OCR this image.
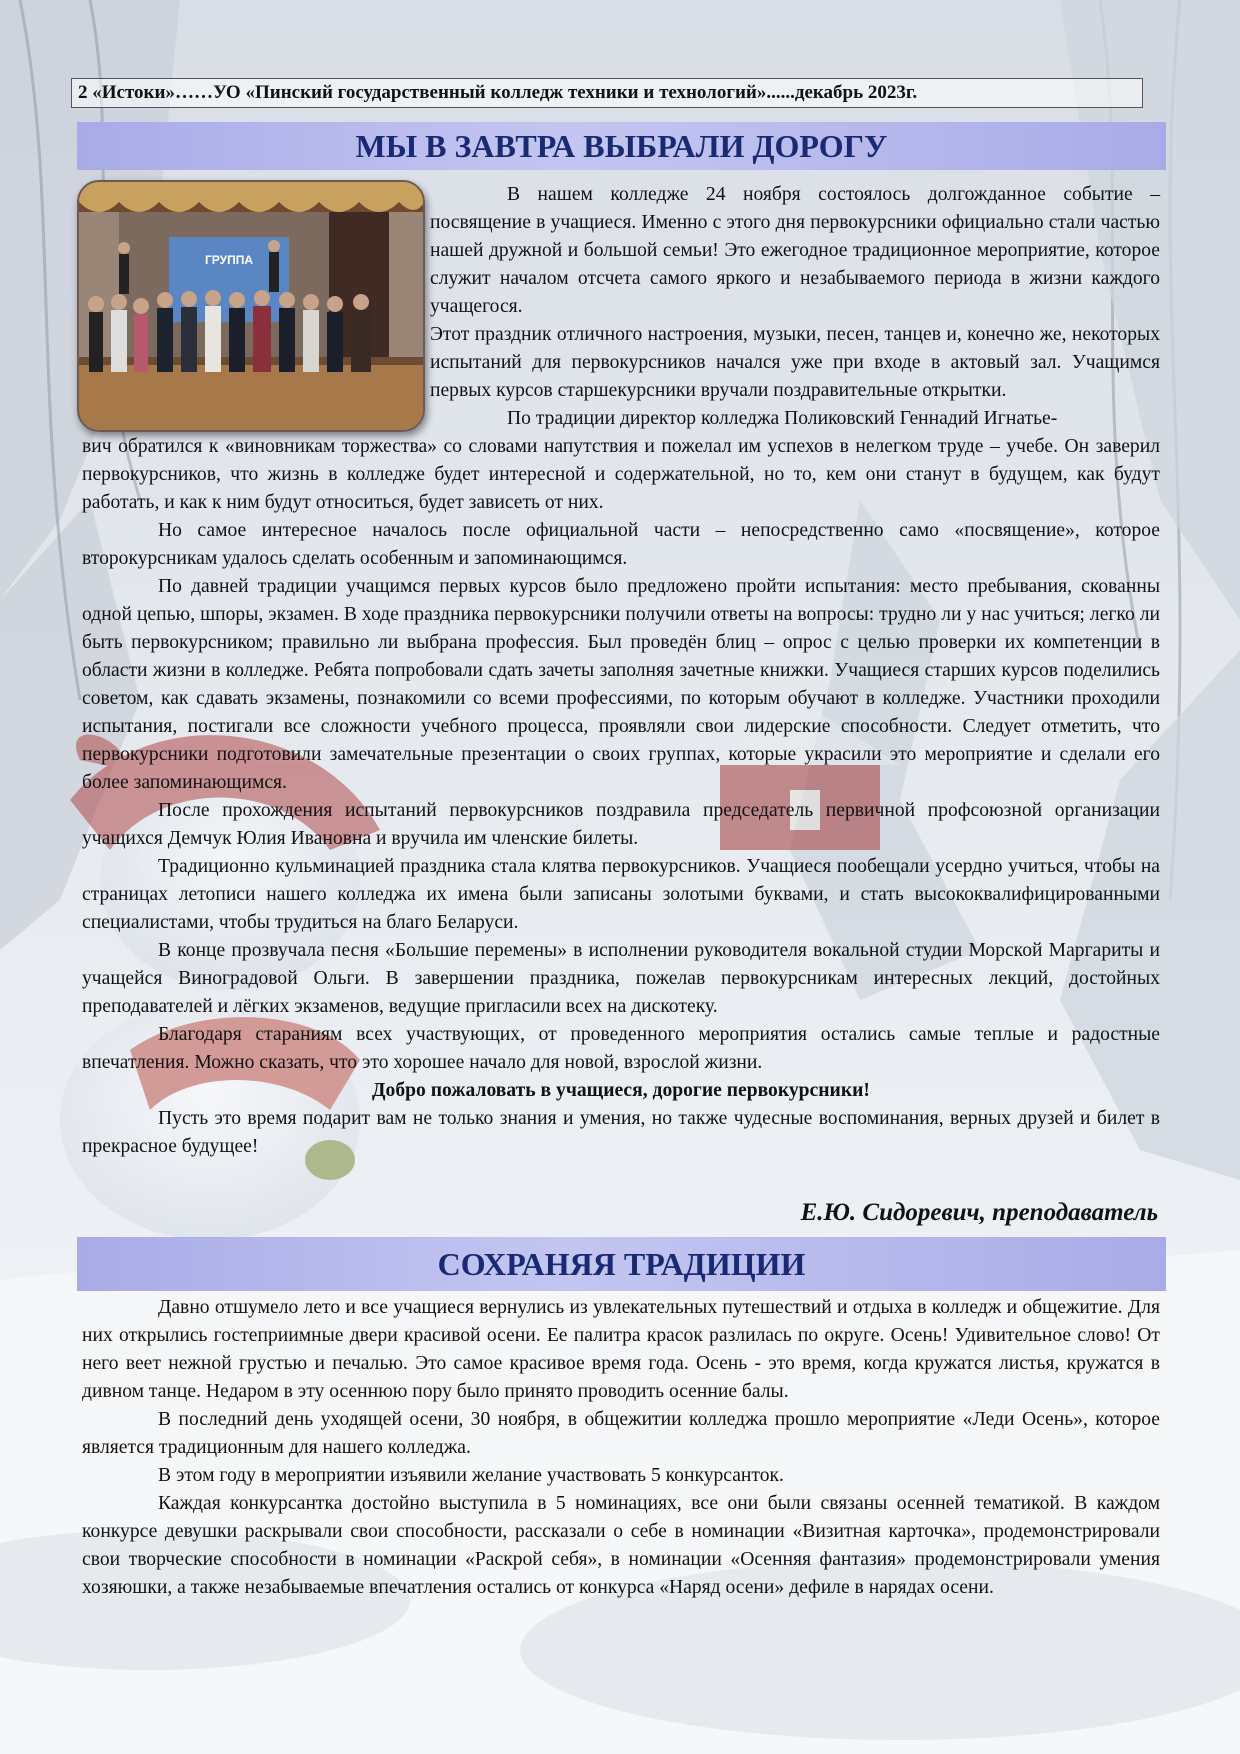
2 «Истоки»……УО «Пинский государственный колледж техники и технологий»......декабрь 2023г.
МЫ В ЗАВТРА ВЫБРАЛИ ДОРОГУ
ГРУППА

В нашем колледже 24 ноября состоялось долгожданное событие – посвящение в учащиеся. Именно с этого дня первокурсники официально стали частью нашей дружной и большой семьи! Это ежегодное традиционное мероприятие, которое служит началом отсчета самого яркого и незабываемого периода в жизни каждого учащегося.

Этот праздник отличного настроения, музыки, песен, танцев и, конечно же, некоторых испытаний для первокурсников начался уже при входе в актовый зал. Учащимся первых курсов старшекурсники вручали поздравительные открытки.

По традиции директор колледжа Поликовский Геннадий Игнатье-

вич обратился к «виновникам торжества» со словами напутствия и пожелал им успехов в нелегком труде – учебе. Он заверил первокурсников, что жизнь в колледже будет интересной и содержательной, но то, кем они станут в будущем, как будут работать, и как к ним будут относиться, будет зависеть от них.

Но самое интересное началось после официальной части – непосредственно само «посвящение», которое второкурсникам удалось сделать особенным и запоминающимся.

По давней традиции учащимся первых курсов было предложено пройти испытания: место пребывания, скованны одной цепью, шпоры, экзамен. В ходе праздника первокурсники получили ответы на вопросы: трудно ли у нас учиться; легко ли быть первокурсником; правильно ли выбрана профессия. Был проведён блиц – опрос с целью проверки их компетенции в области жизни в колледже. Ребята попробовали сдать зачеты заполняя зачетные книжки. Учащиеся старших курсов поделились советом, как сдавать экзамены, познакомили со всеми профессиями, по которым обучают в колледже. Участники проходили испытания, постигали все сложности учебного процесса, проявляли свои лидерские способности. Следует отметить, что первокурсники подготовили замечательные презентации о своих группах, которые украсили это мероприятие и сделали его более запоминающимся.

После прохождения испытаний первокурсников поздравила председатель первичной профсоюзной организации учащихся Демчук Юлия Ивановна и вручила им членские билеты.

Традиционно кульминацией праздника стала клятва первокурсников. Учащиеся пообещали усердно учиться, чтобы на страницах летописи нашего колледжа их имена были записаны золотыми буквами, и стать высококвалифицированными специалистами, чтобы трудиться на благо Беларуси.

В конце прозвучала песня «Большие перемены» в исполнении руководителя вокальной студии Морской Маргариты и учащейся Виноградовой Ольги. В завершении праздника, пожелав первокурсникам интересных лекций, достойных преподавателей и лёгких экзаменов, ведущие пригласили всех на дискотеку.

Благодаря стараниям всех участвующих, от проведенного мероприятия остались самые теплые и радостные впечатления. Можно сказать, что это хорошее начало для новой, взрослой жизни.

Добро пожаловать в учащиеся, дорогие первокурсники!

Пусть это время подарит вам не только знания и умения, но также чудесные воспоминания, верных друзей и билет в прекрасное будущее!

Е.Ю. Сидоревич, преподаватель
СОХРАНЯЯ ТРАДИЦИИ

Давно отшумело лето и все учащиеся вернулись из увлекательных путешествий и отдыха в колледж и общежитие. Для них открылись гостеприимные двери красивой осени. Ее палитра красок разлилась по округе. Осень! Удивительное слово! От него веет нежной грустью и печалью. Это самое красивое время года. Осень - это время, когда кружатся листья, кружатся в дивном танце. Недаром в эту осеннюю пору было принято проводить осенние балы.

В последний день уходящей осени, 30 ноября, в общежитии колледжа прошло мероприятие «Леди Осень», которое является традиционным для нашего колледжа.

В этом году в мероприятии изъявили желание участвовать 5 конкурсанток.

Каждая конкурсантка достойно выступила в 5 номинациях, все они были связаны осенней тематикой. В каждом конкурсе девушки раскрывали свои способности, рассказали о себе в номинации «Визитная карточка», продемонстрировали свои творческие способности в номинации «Раскрой себя», в номинации «Осенняя фантазия» продемонстрировали умения хозяюшки, а также незабываемые впечатления остались от конкурса «Наряд осени» дефиле в нарядах осени.
